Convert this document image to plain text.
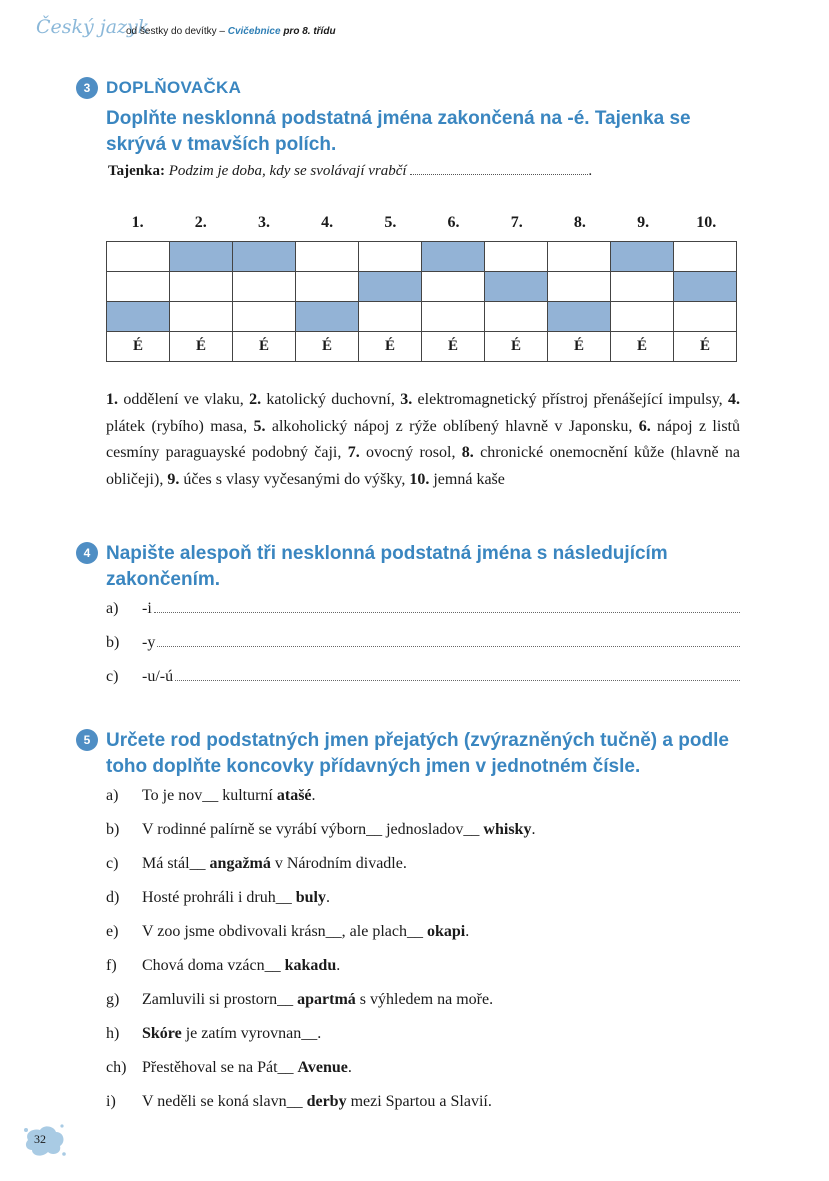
Český jazyk
od šestky do devítky – Cvičebnice pro 8. třídu
3 DOPLŇOVAČKA
Doplňte nesklonná podstatná jména zakončená na -é. Tajenka se skrývá v tmavších polích.
Tajenka: Podzim je doba, kdy se svolávají vrabčí	.
1.	2.	3.	4.	5.	6.	7.	8.	9.	10.

É	É	É	É	É	É	É	É	É	É
1. oddělení ve vlaku, 2. katolický duchovní, 3. elektromagnetický přístroj přenášející impulsy, 4. plátek (rybího) masa, 5. alkoholický nápoj z rýže oblíbený hlavně v Japonsku, 6. nápoj z listů cesmíny paraguayské podobný čaji, 7. ovocný rosol, 8. chronické onemocnění kůže (hlavně na obličeji), 9. účes s vlasy vyčesanými do výšky, 10. jemná kaše
4 Napište alespoň tři nesklonná podstatná jména s následujícím zakončením.
a)	-i
b)	-y
c)	-u/-ú
5 Určete rod podstatných jmen přejatých (zvýrazněných tučně) a podle toho doplňte koncovky přídavných jmen v jednotném čísle.
a)	To je nov__ kulturní atašé.
b)	V rodinné palírně se vyrábí výborn__ jednosladov__ whisky.
c)	Má stál__ angažmá v Národním divadle.
d)	Hosté prohráli i druh__ buly.
e)	V zoo jsme obdivovali krásn__, ale plach__ okapi.
f)	Chová doma vzácn__ kakadu.
g)	Zamluvili si prostorn__ apartmá s výhledem na moře.
h)	Skóre je zatím vyrovnan__.
ch) Přestěhoval se na Pát__ Avenue.
i)	V neděli se koná slavn__ derby mezi Spartou a Slavií.
32
